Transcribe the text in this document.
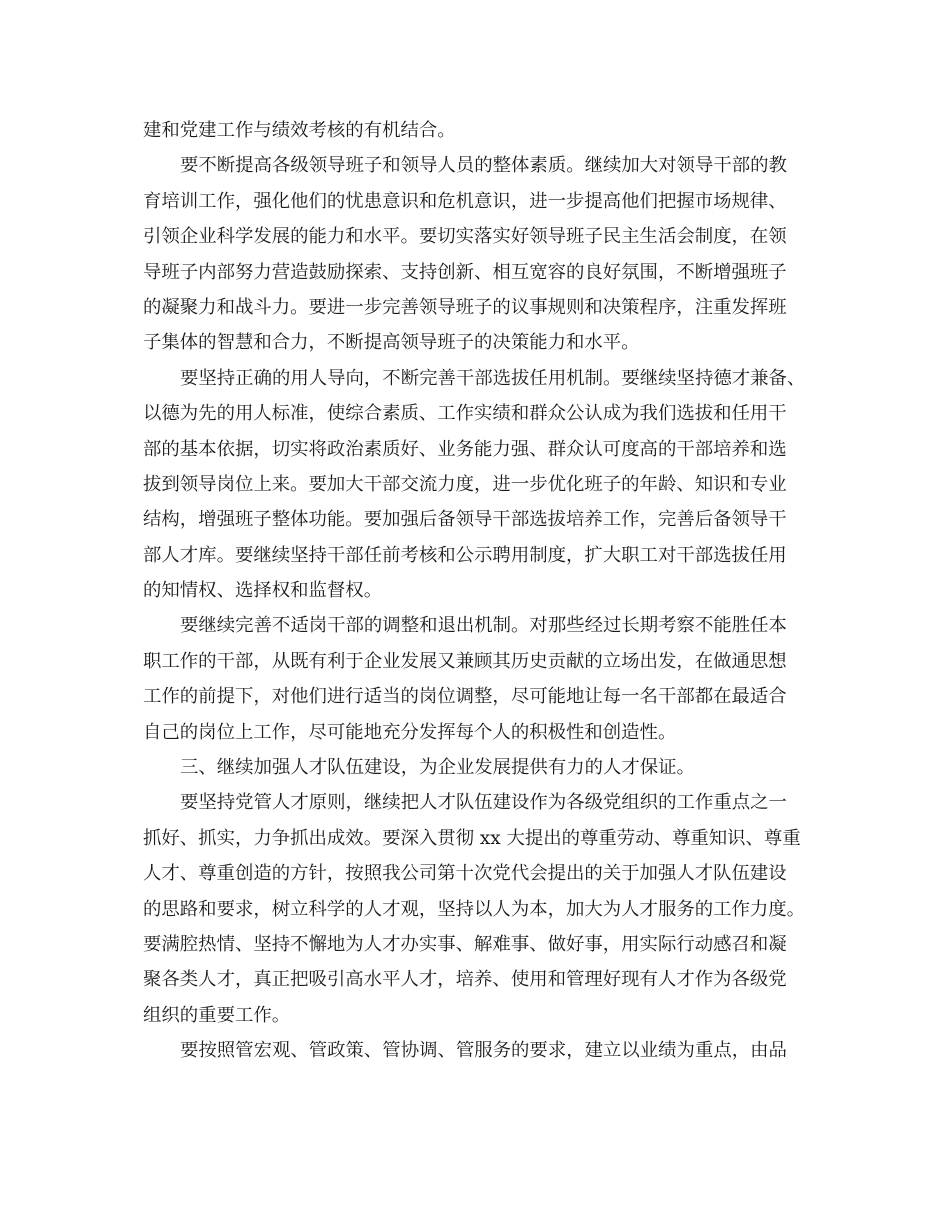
建和党建工作与绩效考核的有机结合。
要不断提高各级领导班子和领导人员的整体素质。继续加大对领导干部的教
育培训工作，强化他们的忧患意识和危机意识，进一步提高他们把握市场规律、
引领企业科学发展的能力和水平。要切实落实好领导班子民主生活会制度，在领
导班子内部努力营造鼓励探索、支持创新、相互宽容的良好氛围，不断增强班子
的凝聚力和战斗力。要进一步完善领导班子的议事规则和决策程序，注重发挥班
子集体的智慧和合力，不断提高领导班子的决策能力和水平。
要坚持正确的用人导向，不断完善干部选拔任用机制。要继续坚持德才兼备、
以德为先的用人标准，使综合素质、工作实绩和群众公认成为我们选拔和任用干
部的基本依据，切实将政治素质好、业务能力强、群众认可度高的干部培养和选
拔到领导岗位上来。要加大干部交流力度，进一步优化班子的年龄、知识和专业
结构，增强班子整体功能。要加强后备领导干部选拔培养工作，完善后备领导干
部人才库。要继续坚持干部任前考核和公示聘用制度，扩大职工对干部选拔任用
的知情权、选择权和监督权。
要继续完善不适岗干部的调整和退出机制。对那些经过长期考察不能胜任本
职工作的干部，从既有利于企业发展又兼顾其历史贡献的立场出发，在做通思想
工作的前提下，对他们进行适当的岗位调整，尽可能地让每一名干部都在最适合
自己的岗位上工作，尽可能地充分发挥每个人的积极性和创造性。
三、继续加强人才队伍建设，为企业发展提供有力的人才保证。
要坚持党管人才原则，继续把人才队伍建设作为各级党组织的工作重点之一
抓好、抓实，力争抓出成效。要深入贯彻 xx 大提出的尊重劳动、尊重知识、尊重
人才、尊重创造的方针，按照我公司第十次党代会提出的关于加强人才队伍建设
的思路和要求，树立科学的人才观，坚持以人为本，加大为人才服务的工作力度。
要满腔热情、坚持不懈地为人才办实事、解难事、做好事，用实际行动感召和凝
聚各类人才，真正把吸引高水平人才，培养、使用和管理好现有人才作为各级党
组织的重要工作。
要按照管宏观、管政策、管协调、管服务的要求，建立以业绩为重点，由品
